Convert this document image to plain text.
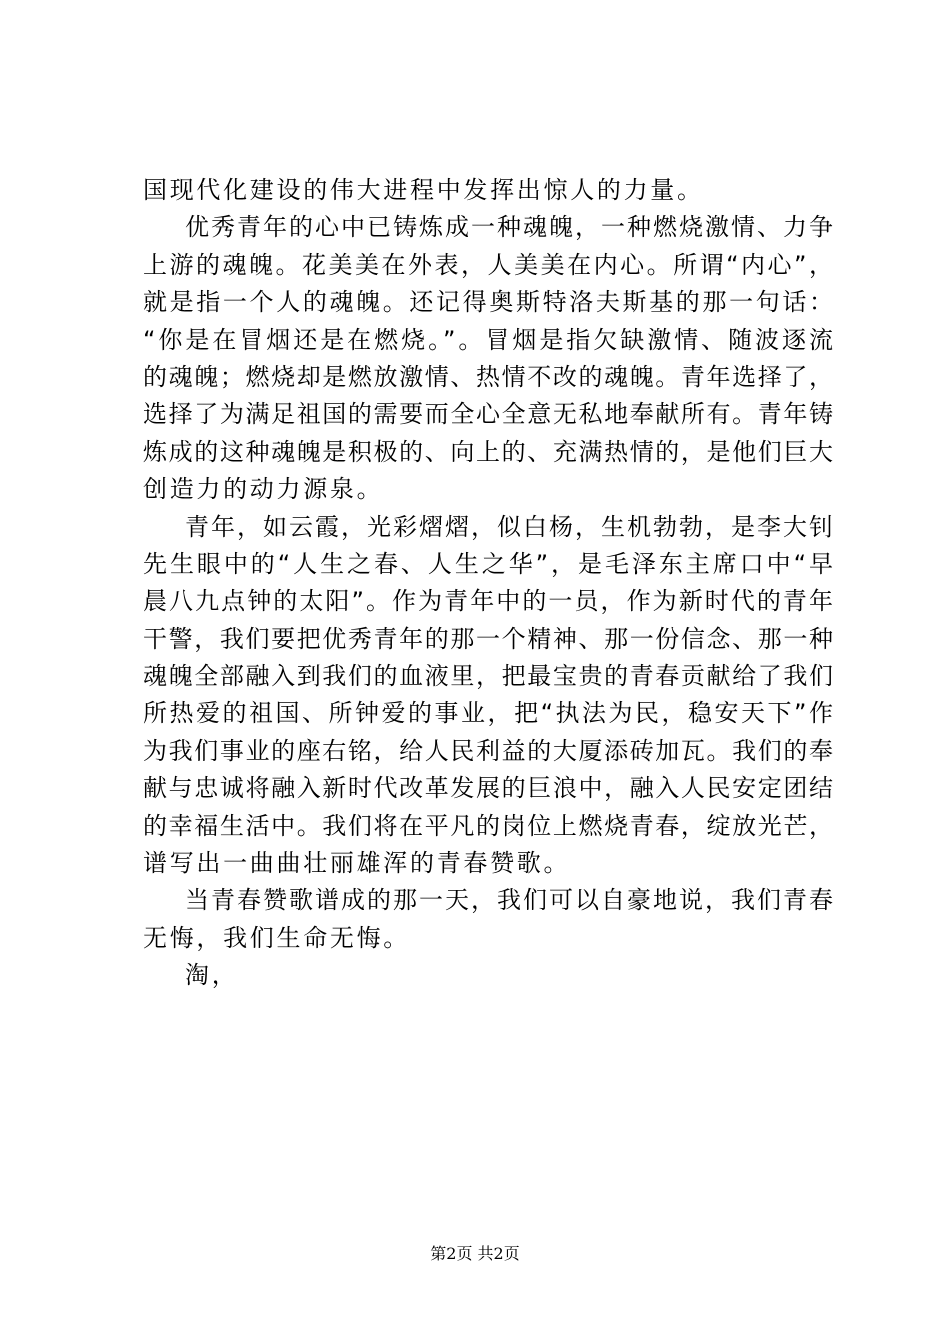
国现代化建设的伟大进程中发挥出惊人的力量。
优秀青年的心中已铸炼成一种魂魄，一种燃烧激情、力争
上游的魂魄。花美美在外表，人美美在内心。所谓“内心”，
就是指一个人的魂魄。还记得奥斯特洛夫斯基的那一句话：
“你是在冒烟还是在燃烧。”。冒烟是指欠缺激情、随波逐流
的魂魄；燃烧却是燃放激情、热情不改的魂魄。青年选择了，
选择了为满足祖国的需要而全心全意无私地奉献所有。青年铸
炼成的这种魂魄是积极的、向上的、充满热情的，是他们巨大
创造力的动力源泉。
青年，如云霞，光彩熠熠，似白杨，生机勃勃，是李大钊
先生眼中的“人生之春、人生之华”，是毛泽东主席口中“早
晨八九点钟的太阳”。作为青年中的一员，作为新时代的青年
干警，我们要把优秀青年的那一个精神、那一份信念、那一种
魂魄全部融入到我们的血液里，把最宝贵的青春贡献给了我们
所热爱的祖国、所钟爱的事业，把“执法为民，稳安天下”作
为我们事业的座右铭，给人民利益的大厦添砖加瓦。我们的奉
献与忠诚将融入新时代改革发展的巨浪中，融入人民安定团结
的幸福生活中。我们将在平凡的岗位上燃烧青春，绽放光芒，
谱写出一曲曲壮丽雄浑的青春赞歌。
当青春赞歌谱成的那一天，我们可以自豪地说，我们青春
无悔，我们生命无悔。
淘，
第2页 共2页
